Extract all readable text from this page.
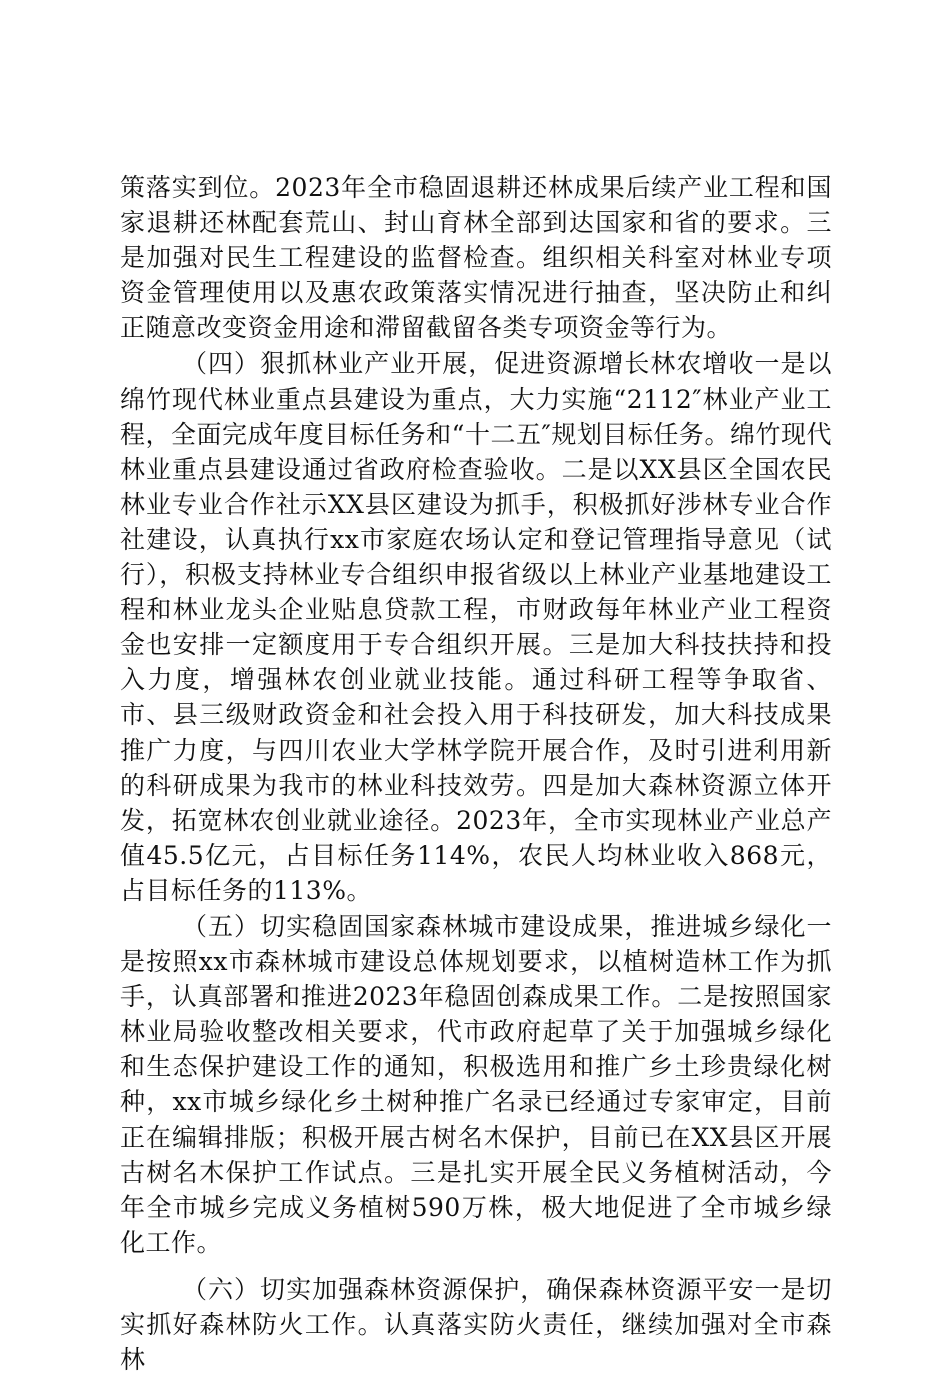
策落实到位。2023年全市稳固退耕还林成果后续产业工程和国家退耕还林配套荒山、封山育林全部到达国家和省的要求。三是加强对民生工程建设的监督检查。组织相关科室对林业专项资金管理使用以及惠农政策落实情况进行抽查，坚决防止和纠正随意改变资金用途和滞留截留各类专项资金等行为。

（四）狠抓林业产业开展，促进资源增长林农增收一是以绵竹现代林业重点县建设为重点，大力实施“2112″林业产业工程，全面完成年度目标任务和“十二五″规划目标任务。绵竹现代林业重点县建设通过省政府检查验收。二是以XX县区全国农民林业专业合作社示XX县区建设为抓手，积极抓好涉林专业合作社建设，认真执行xx市家庭农场认定和登记管理指导意见（试行），积极支持林业专合组织申报省级以上林业产业基地建设工程和林业龙头企业贴息贷款工程，市财政每年林业产业工程资金也安排一定额度用于专合组织开展。三是加大科技扶持和投入力度，增强林农创业就业技能。通过科研工程等争取省、市、县三级财政资金和社会投入用于科技研发，加大科技成果推广力度，与四川农业大学林学院开展合作，及时引进利用新的科研成果为我市的林业科技效劳。四是加大森林资源立体开发，拓宽林农创业就业途径。2023年，全市实现林业产业总产值45.5亿元，占目标任务114%，农民人均林业收入868元，占目标任务的113%。

（五）切实稳固国家森林城市建设成果，推进城乡绿化一是按照xx市森林城市建设总体规划要求，以植树造林工作为抓手，认真部署和推进2023年稳固创森成果工作。二是按照国家林业局验收整改相关要求，代市政府起草了关于加强城乡绿化和生态保护建设工作的通知，积极选用和推广乡土珍贵绿化树种，xx市城乡绿化乡土树种推广名录已经通过专家审定，目前正在编辑排版；积极开展古树名木保护，目前已在XX县区开展古树名木保护工作试点。三是扎实开展全民义务植树活动，今年全市城乡完成义务植树590万株，极大地促进了全市城乡绿化工作。

（六）切实加强森林资源保护，确保森林资源平安一是切实抓好森林防火工作。认真落实防火责任，继续加强对全市森林
